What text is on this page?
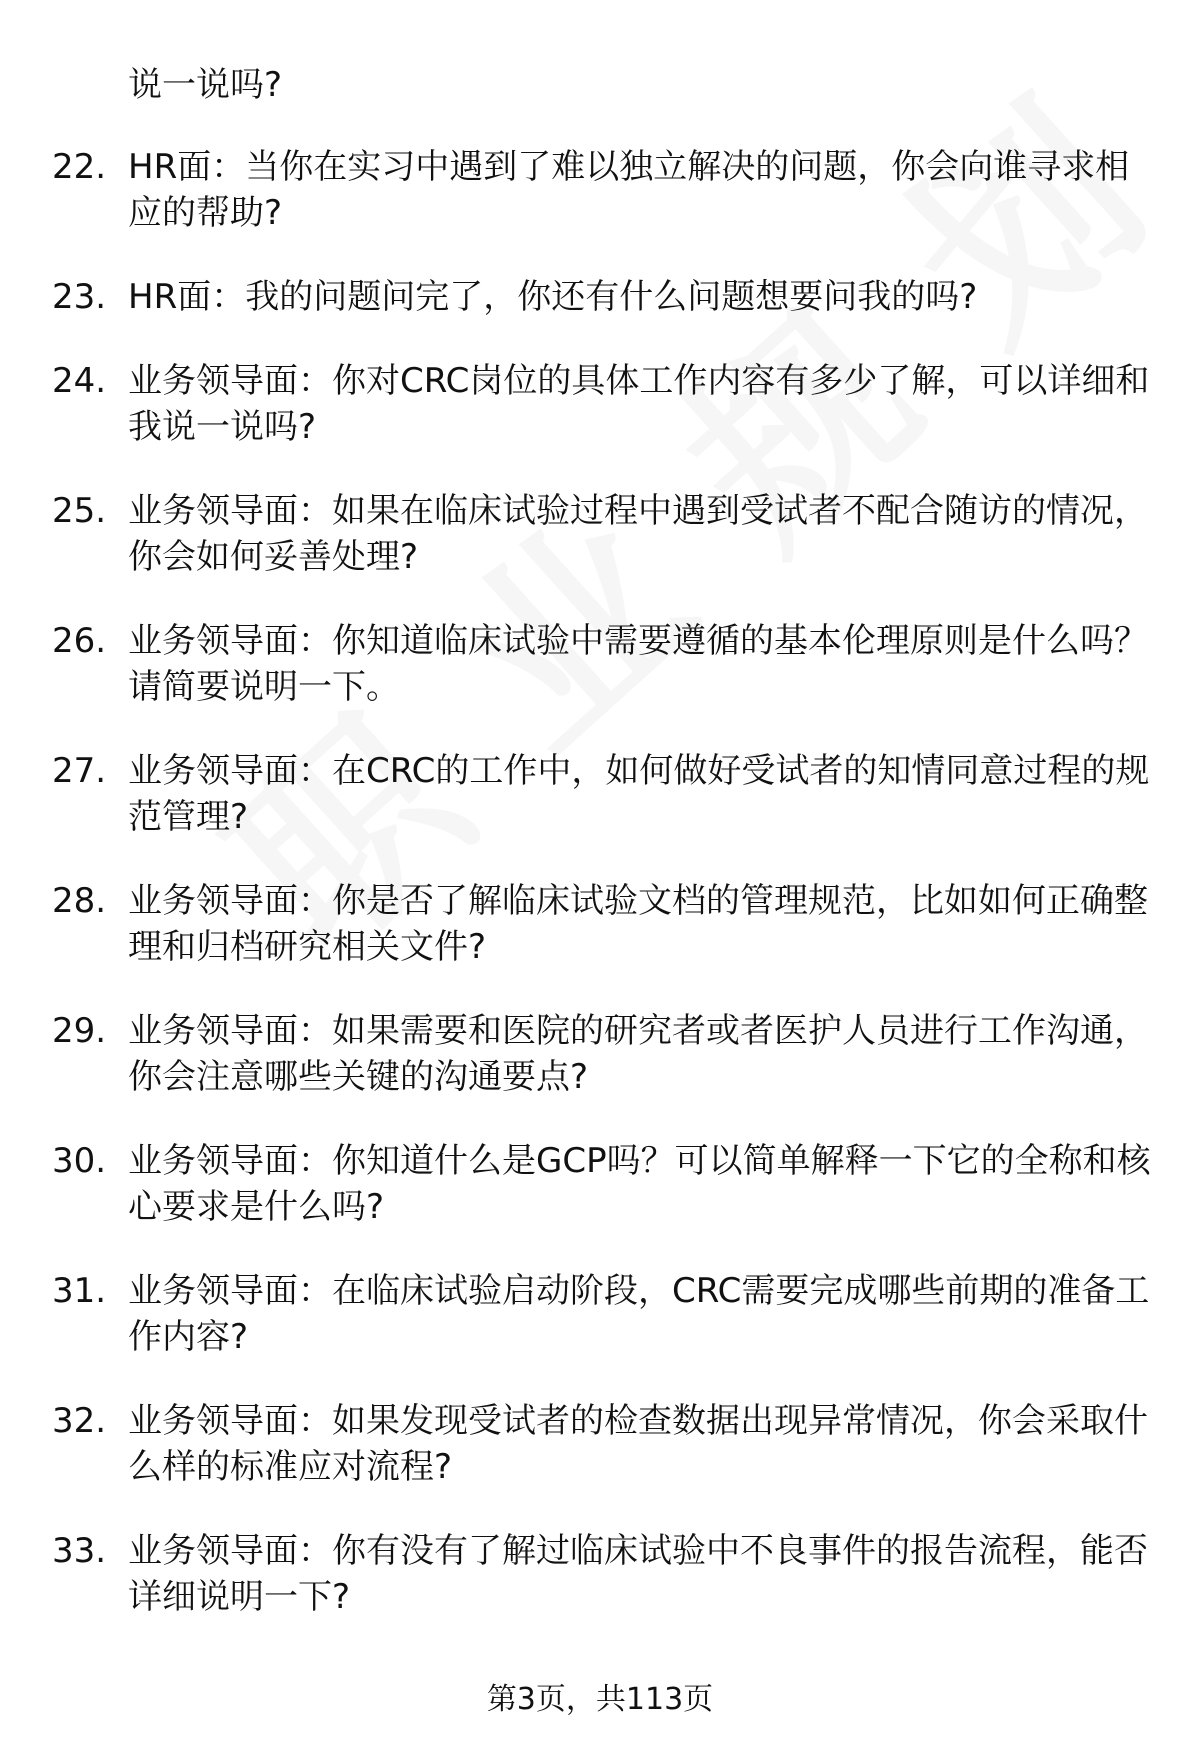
说一说吗?
22. HR面：当你在实习中遇到了难以独立解决的问题，你会向谁寻求相应的帮助?
23. HR面：我的问题问完了，你还有什么问题想要问我的吗?
24. 业务领导面：你对CRC岗位的具体工作内容有多少了解，可以详细和我说一说吗?
25. 业务领导面：如果在临床试验过程中遇到受试者不配合随访的情况，你会如何妥善处理?
26. 业务领导面：你知道临床试验中需要遵循的基本伦理原则是什么吗？请简要说明一下。
27. 业务领导面：在CRC的工作中，如何做好受试者的知情同意过程的规范管理?
28. 业务领导面：你是否了解临床试验文档的管理规范，比如如何正确整理和归档研究相关文件?
29. 业务领导面：如果需要和医院的研究者或者医护人员进行工作沟通，你会注意哪些关键的沟通要点?
30. 业务领导面：你知道什么是GCP吗？可以简单解释一下它的全称和核心要求是什么吗?
31. 业务领导面：在临床试验启动阶段，CRC需要完成哪些前期的准备工作内容?
32. 业务领导面：如果发现受试者的检查数据出现异常情况，你会采取什么样的标准应对流程?
33. 业务领导面：你有没有了解过临床试验中不良事件的报告流程，能否详细说明一下?
第3页，共113页
